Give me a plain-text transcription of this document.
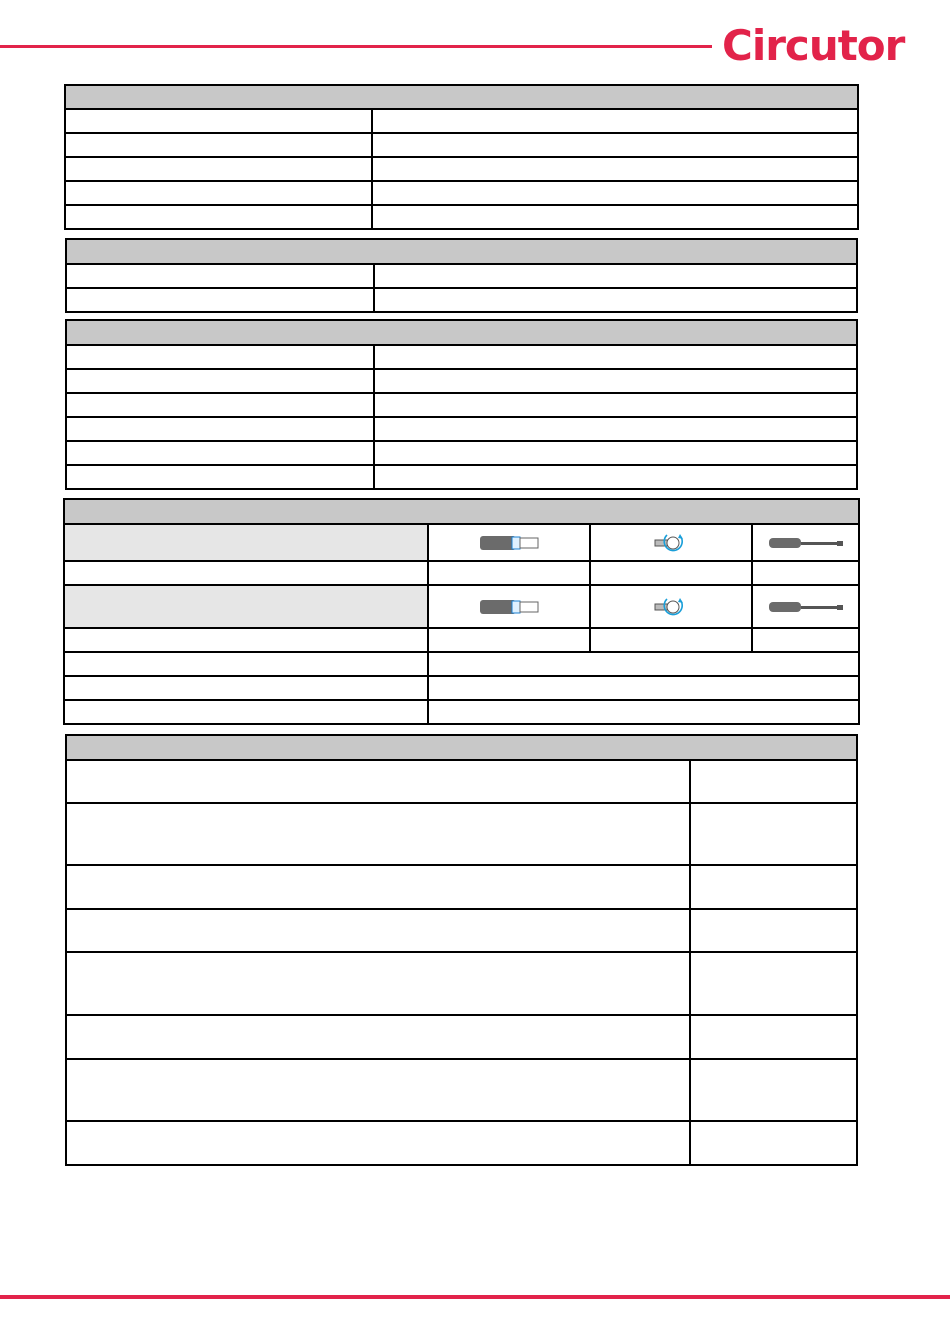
Circutor
